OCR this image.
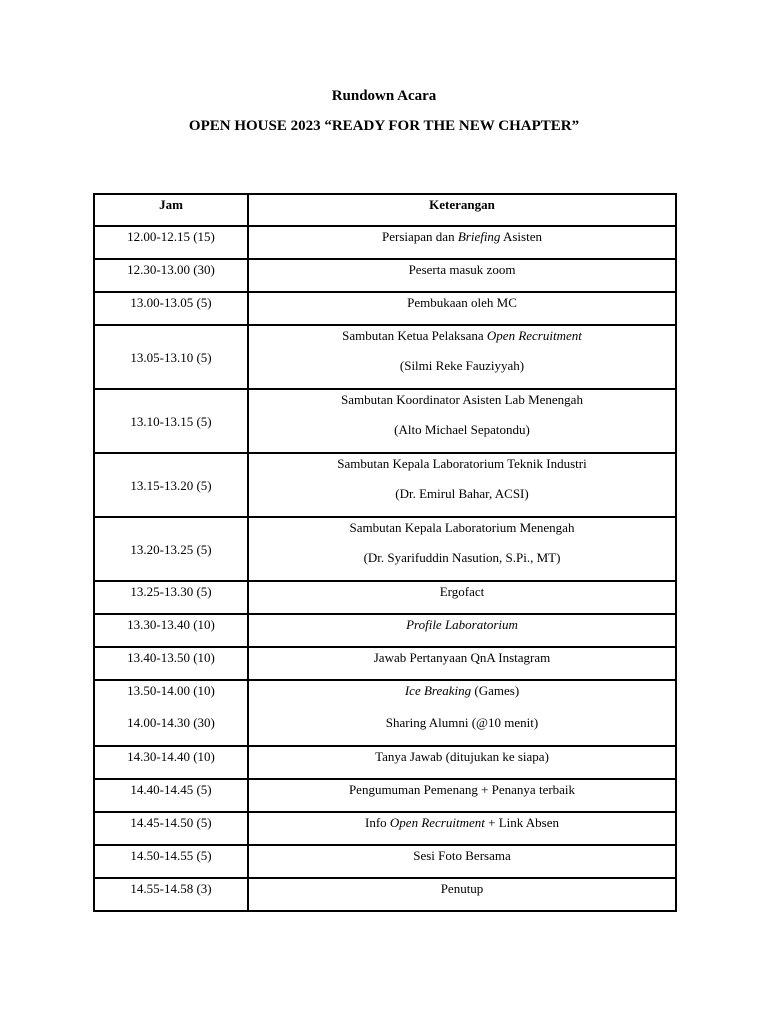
Rundown Acara
OPEN HOUSE 2023 “READY FOR THE NEW CHAPTER”
Jam	Keterangan

12.00-12.15 (15)	Persiapan dan Briefing Asisten

12.30-13.00 (30)	Peserta masuk zoom

13.00-13.05 (5)	Pembukaan oleh MC

13.05-13.10 (5)	Sambutan Ketua Pelaksana Open Recruitment
(Silmi Reke Fauziyyah)

13.10-13.15 (5)	Sambutan Koordinator Asisten Lab Menengah
(Alto Michael Sepatondu)

13.15-13.20 (5)	Sambutan Kepala Laboratorium Teknik Industri
(Dr. Emirul Bahar, ACSI)

13.20-13.25 (5)	Sambutan Kepala Laboratorium Menengah
(Dr. Syarifuddin Nasution, S.Pi., MT)

13.25-13.30 (5)	Ergofact

13.30-13.40 (10)	Profile Laboratorium

13.40-13.50 (10)	Jawab Pertanyaan QnA Instagram

13.50-14.00 (10)	Ice Breaking (Games)

14.00-14.30 (30)	Sharing Alumni (@10 menit)

14.30-14.40 (10)	Tanya Jawab (ditujukan ke siapa)

14.40-14.45 (5)	Pengumuman Pemenang + Penanya terbaik

14.45-14.50 (5)	Info Open Recruitment + Link Absen

14.50-14.55 (5)	Sesi Foto Bersama

14.55-14.58 (3)	Penutup
